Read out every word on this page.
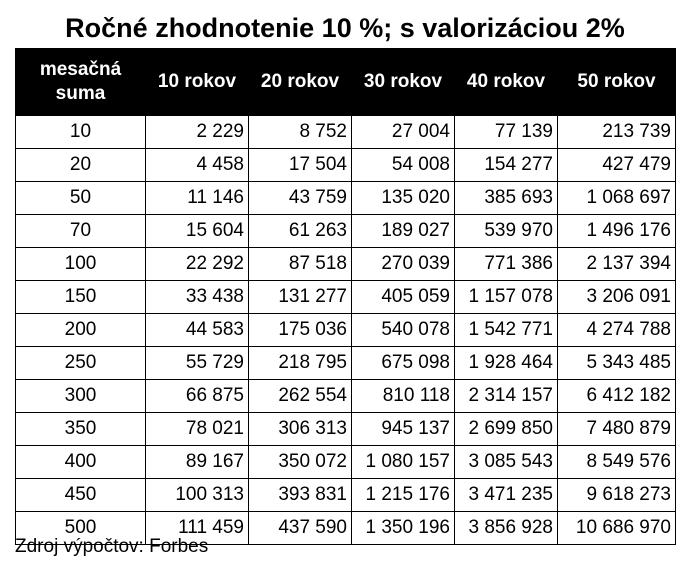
Ročné zhodnotenie 10 %; s valorizáciou 2%
mesačná
suma	10 rokov	20 rokov	30 rokov	40 rokov	50 rokov
10	2 229	8 752	27 004	77 139	213 739
20	4 458	17 504	54 008	154 277	427 479
50	11 146	43 759	135 020	385 693	1 068 697
70	15 604	61 263	189 027	539 970	1 496 176
100	22 292	87 518	270 039	771 386	2 137 394
150	33 438	131 277	405 059	1 157 078	3 206 091
200	44 583	175 036	540 078	1 542 771	4 274 788
250	55 729	218 795	675 098	1 928 464	5 343 485
300	66 875	262 554	810 118	2 314 157	6 412 182
350	78 021	306 313	945 137	2 699 850	7 480 879
400	89 167	350 072	1 080 157	3 085 543	8 549 576
450	100 313	393 831	1 215 176	3 471 235	9 618 273
500	111 459	437 590	1 350 196	3 856 928	10 686 970
Zdroj výpočtov: Forbes
